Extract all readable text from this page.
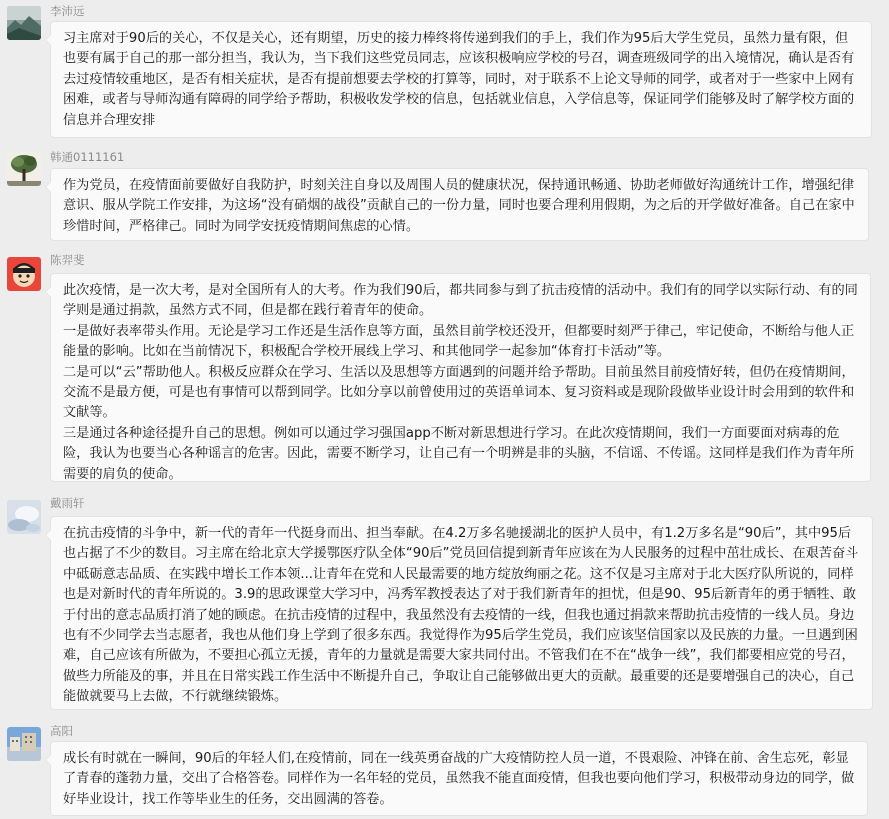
李沛远
习主席对于90后的关心，不仅是关心，还有期望，历史的接力棒终将传递到我们的手上，我们作为95后大学生党员，虽然力量有限，但也要有属于自己的那一部分担当，我认为，当下我们这些党员同志，应该积极响应学校的号召，调查班级同学的出入境情况，确认是否有去过疫情较重地区，是否有相关症状，是否有提前想要去学校的打算等，同时，对于联系不上论文导师的同学，或者对于一些家中上网有困难，或者与导师沟通有障碍的同学给予帮助，积极收发学校的信息，包括就业信息，入学信息等，保证同学们能够及时了解学校方面的信息并合理安排
韩通0111161
作为党员，在疫情面前要做好自我防护，时刻关注自身以及周围人员的健康状况，保持通讯畅通、协助老师做好沟通统计工作，增强纪律意识、服从学院工作安排，为这场“没有硝烟的战役”贡献自己的一份力量，同时也要合理利用假期，为之后的开学做好准备。自己在家中珍惜时间，严格律己。同时为同学安抚疫情期间焦虑的心情。
陈羿斐
此次疫情，是一次大考，是对全国所有人的大考。作为我们90后，都共同参与到了抗击疫情的活动中。我们有的同学以实际行动、有的同学则是通过捐款，虽然方式不同，但是都在践行着青年的使命。
一是做好表率带头作用。无论是学习工作还是生活作息等方面，虽然目前学校还没开，但都要时刻严于律己，牢记使命，不断给与他人正能量的影响。比如在当前情况下，积极配合学校开展线上学习、和其他同学一起参加“体育打卡活动”等。
二是可以“云”帮助他人。积极反应群众在学习、生活以及思想等方面遇到的问题并给予帮助。目前虽然目前疫情好转，但仍在疫情期间，交流不是最方便，可是也有事情可以帮到同学。比如分享以前曾使用过的英语单词本、复习资料或是现阶段做毕业设计时会用到的软件和文献等。
三是通过各种途径提升自己的思想。例如可以通过学习强国app不断对新思想进行学习。在此次疫情期间，我们一方面要面对病毒的危险，我认为也要当心各种谣言的危害。因此，需要不断学习，让自己有一个明辨是非的头脑，不信谣、不传谣。这同样是我们作为青年所需要的肩负的使命。
戴雨轩
在抗击疫情的斗争中，新一代的青年一代挺身而出、担当奉献。在4.2万多名驰援湖北的医护人员中，有1.2万多名是“90后”，其中95后也占据了不少的数目。习主席在给北京大学援鄂医疗队全体“90后”党员回信提到新青年应该在为人民服务的过程中茁壮成长、在艰苦奋斗中砥砺意志品质、在实践中增长工作本领...让青年在党和人民最需要的地方绽放绚丽之花。这不仅是习主席对于北大医疗队所说的，同样也是对新时代的青年所说的。3.9的思政课堂大学习中，冯秀军教授表达了对于我们新青年的担忧，但是90、95后新青年的勇于牺牲、敢于付出的意志品质打消了她的顾虑。在抗击疫情的过程中，我虽然没有去疫情的一线，但我也通过捐款来帮助抗击疫情的一线人员。身边也有不少同学去当志愿者，我也从他们身上学到了很多东西。我觉得作为95后学生党员，我们应该坚信国家以及民族的力量。一旦遇到困难，自己应该有所做为，不要担心孤立无援，青年的力量就是需要大家共同付出。不管我们在不在“战争一线”，我们都要相应党的号召，做些力所能及的事，并且在日常实践工作生活中不断提升自己，争取让自己能够做出更大的贡献。最重要的还是要增强自己的决心，自己能做就要马上去做，不行就继续锻炼。
高阳
成长有时就在一瞬间，90后的年轻人们,在疫情前，同在一线英勇奋战的广大疫情防控人员一道，不畏艰险、冲锋在前、舍生忘死，彰显了青春的蓬勃力量，交出了合格答卷。同样作为一名年轻的党员，虽然我不能直面疫情，但我也要向他们学习，积极带动身边的同学，做好毕业设计，找工作等毕业生的任务，交出圆满的答卷。
